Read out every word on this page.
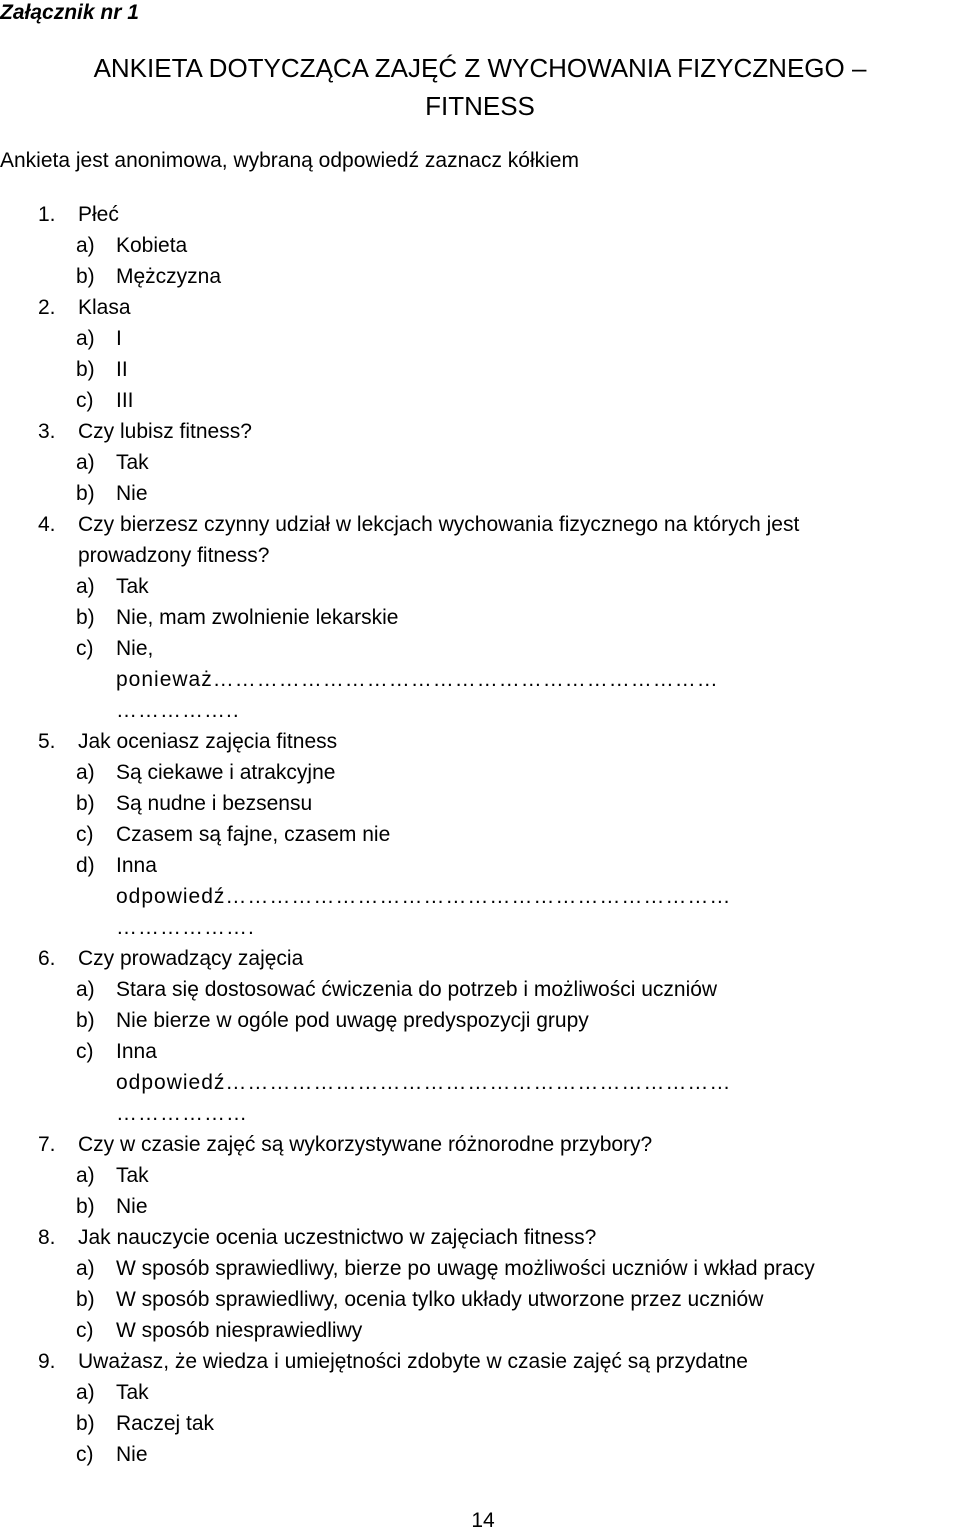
Załącznik nr 1
ANKIETA DOTYCZĄCA ZAJĘĆ Z WYCHOWANIA FIZYCZNEGO –
FITNESS
Ankieta jest anonimowa, wybraną odpowiedź zaznacz kółkiem
1. Płeć
a) Kobieta
b) Mężczyzna
2. Klasa
a) I
b) II
c) III
3. Czy lubisz fitness?
a) Tak
b) Nie
4. Czy bierzesz czynny udział w lekcjach wychowania fizycznego na których jest
prowadzony fitness?
a) Tak
b) Nie, mam zwolnienie lekarskie
c) Nie,
ponieważ……………………………………………………………
……………..
5. Jak oceniasz zajęcia fitness
a) Są ciekawe i atrakcyjne
b) Są nudne i bezsensu
c) Czasem są fajne, czasem nie
d) Inna
odpowiedź……………………………………………………………
……………….
6. Czy prowadzący zajęcia
a) Stara się dostosować ćwiczenia do potrzeb i możliwości uczniów
b) Nie bierze w ogóle pod uwagę predyspozycji grupy
c) Inna
odpowiedź……………………………………………………………
………………
7. Czy w czasie zajęć są wykorzystywane różnorodne przybory?
a) Tak
b) Nie
8. Jak nauczycie ocenia uczestnictwo w zajęciach fitness?
a) W sposób sprawiedliwy, bierze po uwagę możliwości uczniów i wkład pracy
b) W sposób sprawiedliwy, ocenia tylko układy utworzone przez uczniów
c) W sposób niesprawiedliwy
9. Uważasz, że wiedza i umiejętności zdobyte w czasie zajęć są przydatne
a) Tak
b) Raczej tak
c) Nie
14
